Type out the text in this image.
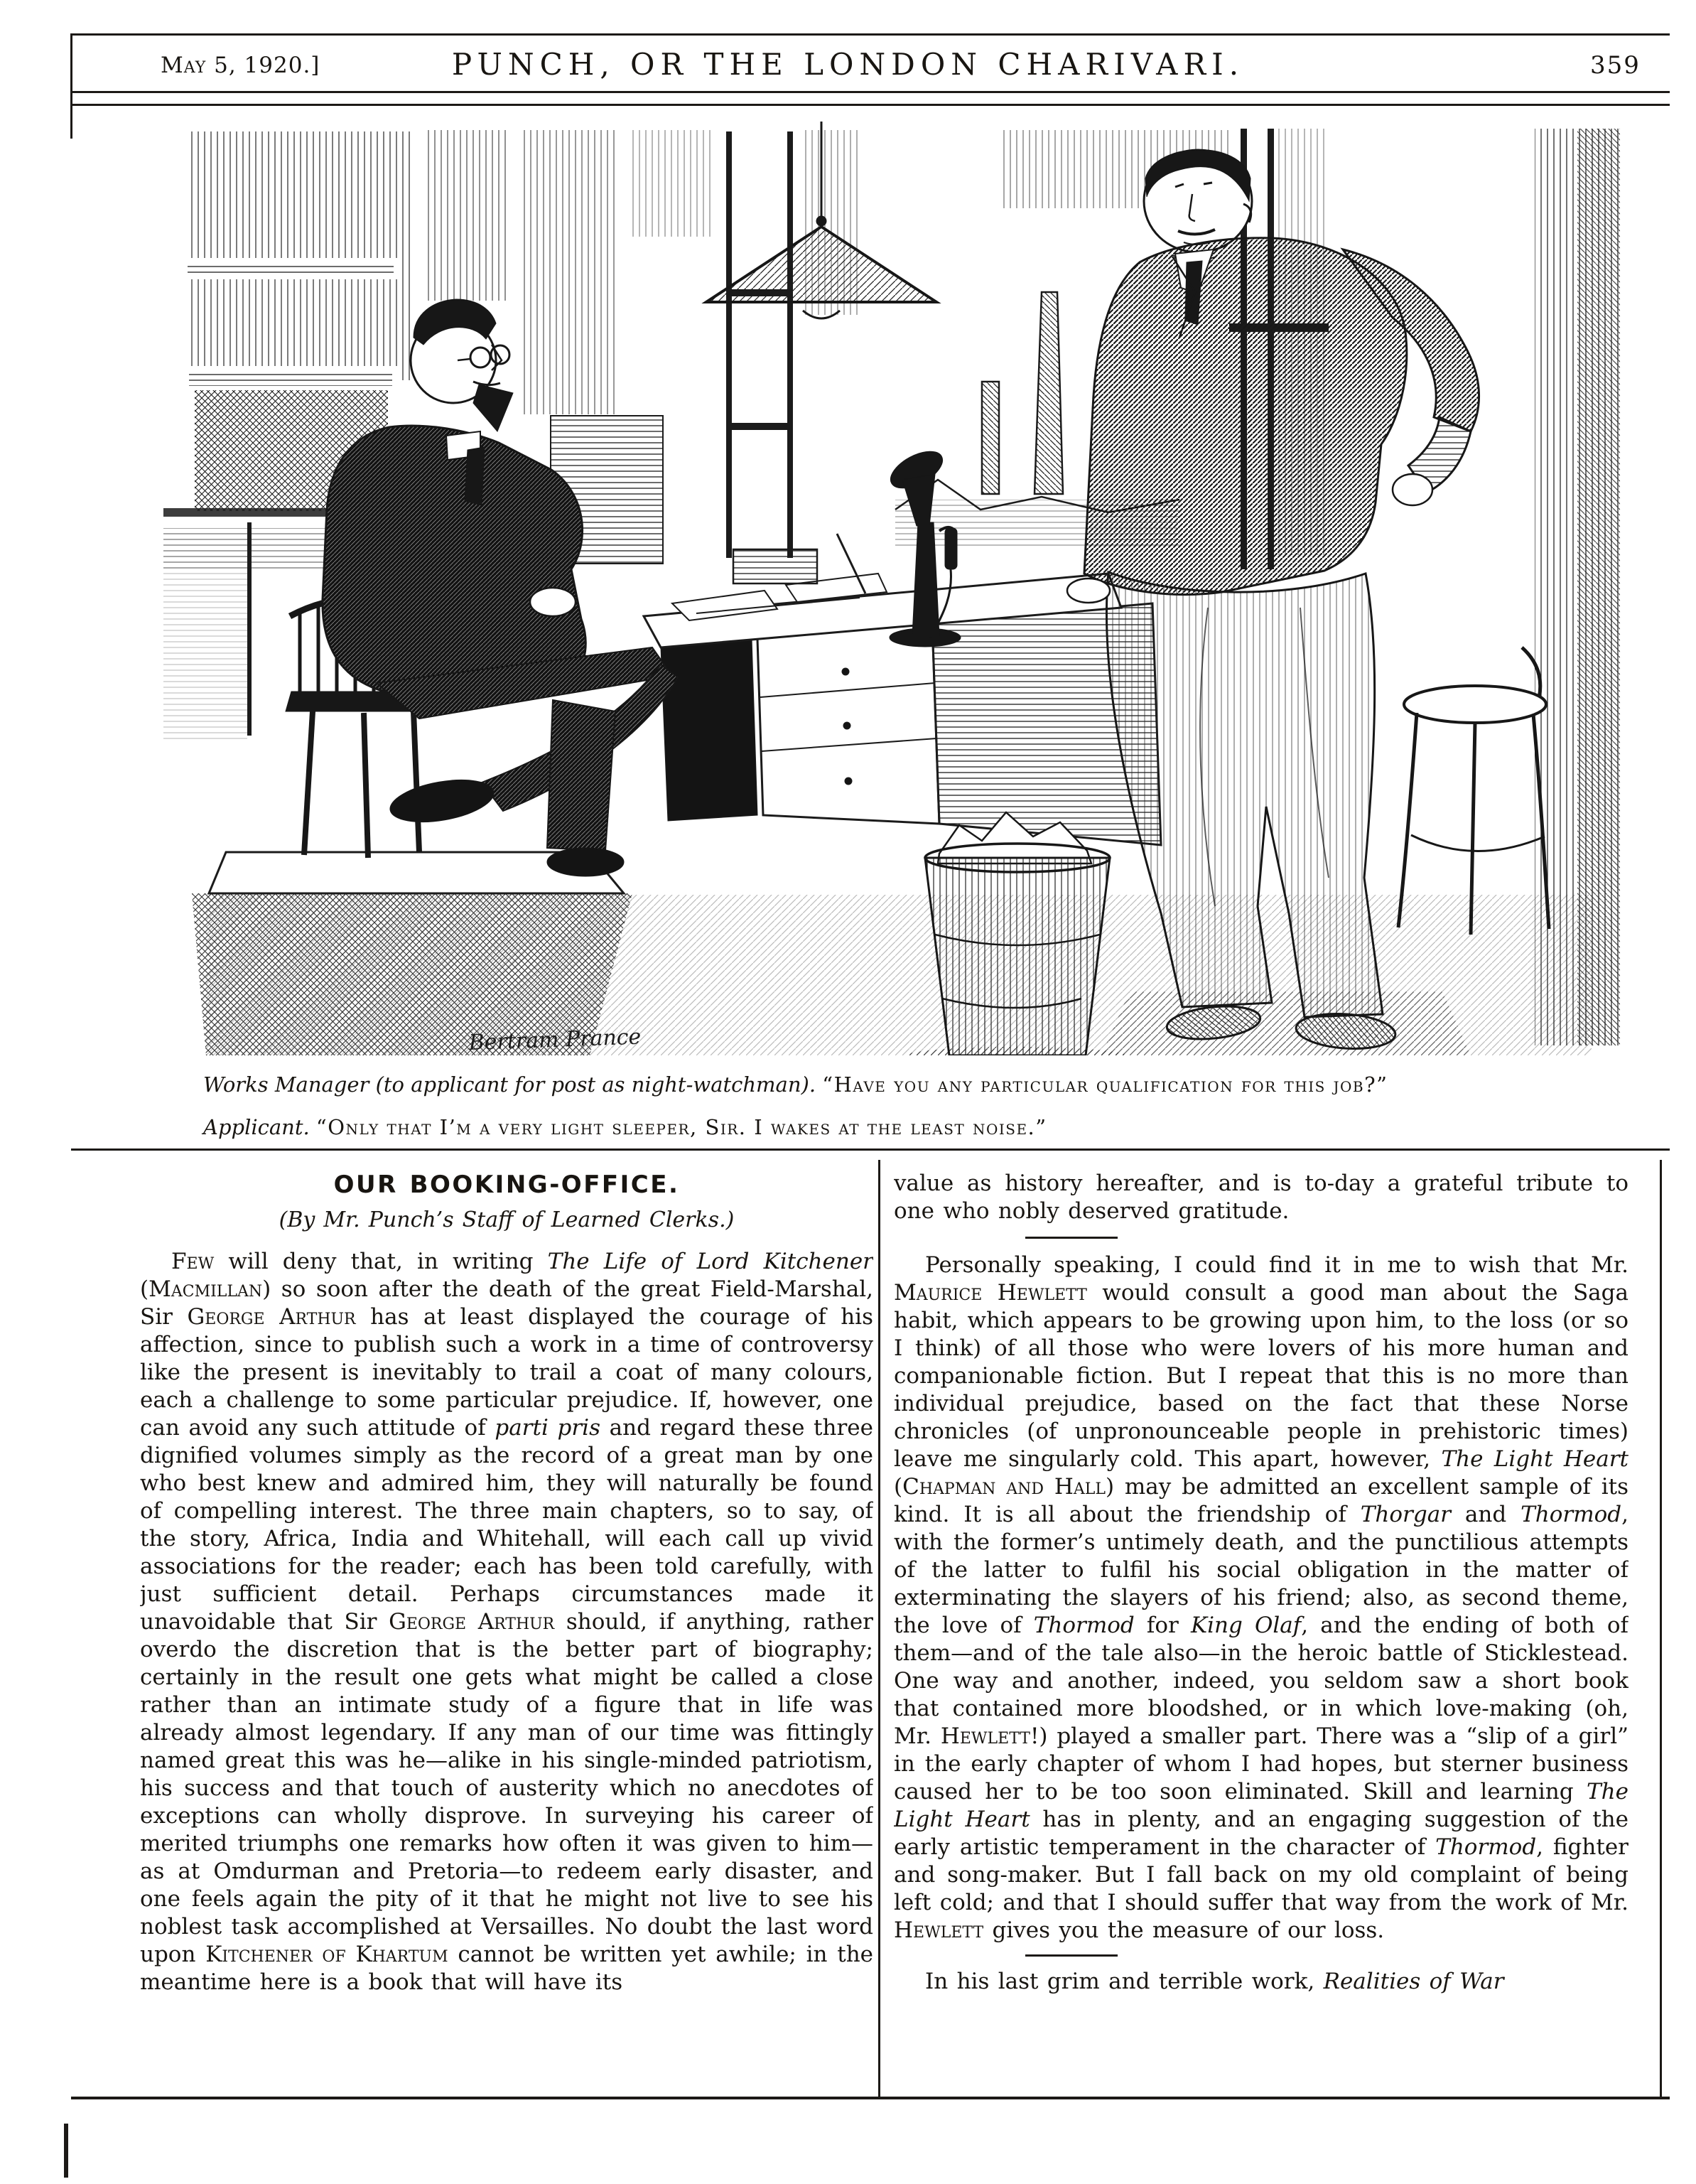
May 5, 1920.]	PUNCH, OR THE LONDON CHARIVARI.	359
Bertram Prance
Works Manager (to applicant for post as night-watchman). “Have you any particular qualification for this job?”
Applicant. “Only that I’m a very light sleeper, Sir. I wakes at the least noise.”
OUR BOOKING-OFFICE.
(By Mr. Punch’s Staff of Learned Clerks.)

Few will deny that, in writing The Life of Lord Kitchener (Macmillan) so soon after the death of the great Field-Marshal, Sir George Arthur has at least displayed the courage of his affection, since to publish such a work in a time of controversy like the present is inevitably to trail a coat of many colours, each a challenge to some particular prejudice. If, however, one can avoid any such attitude of parti pris and regard these three dignified volumes simply as the record of a great man by one who best knew and admired him, they will naturally be found of compelling interest. The three main chapters, so to say, of the story, Africa, India and Whitehall, will each call up vivid associations for the reader; each has been told carefully, with just sufficient detail. Perhaps circumstances made it unavoidable that Sir George Arthur should, if anything, rather overdo the discretion that is the better part of biography; certainly in the result one gets what might be called a close rather than an intimate study of a figure that in life was already almost legendary. If any man of our time was fittingly named great this was he—alike in his single-minded patriotism, his success and that touch of austerity which no anecdotes of exceptions can wholly disprove. In surveying his career of merited triumphs one remarks how often it was given to him—as at Omdurman and Pretoria—to redeem early disaster, and one feels again the pity of it that he might not live to see his noblest task accomplished at Versailles. No doubt the last word upon Kitchener of Khartum cannot be written yet awhile; in the meantime here is a book that will have its

value as history hereafter, and is to-day a grateful tribute to one who nobly deserved gratitude.

Personally speaking, I could find it in me to wish that Mr. Maurice Hewlett would consult a good man about the Saga habit, which appears to be growing upon him, to the loss (or so I think) of all those who were lovers of his more human and companionable fiction. But I repeat that this is no more than individual prejudice, based on the fact that these Norse chronicles (of unpronounceable people in prehistoric times) leave me singularly cold. This apart, however, The Light Heart (Chapman and Hall) may be admitted an excellent sample of its kind. It is all about the friendship of Thorgar and Thormod, with the former’s untimely death, and the punctilious attempts of the latter to fulfil his social obligation in the matter of exterminating the slayers of his friend; also, as second theme, the love of Thormod for King Olaf, and the ending of both of them—and of the tale also—in the heroic battle of Sticklestead. One way and another, indeed, you seldom saw a short book that contained more bloodshed, or in which love-making (oh, Mr. Hewlett!) played a smaller part. There was a “slip of a girl” in the early chapter of whom I had hopes, but sterner business caused her to be too soon eliminated. Skill and learning The Light Heart has in plenty, and an engaging suggestion of the early artistic temperament in the character of Thormod, fighter and song-maker. But I fall back on my old complaint of being left cold; and that I should suffer that way from the work of Mr. Hewlett gives you the measure of our loss.

In his last grim and terrible work, Realities of War
